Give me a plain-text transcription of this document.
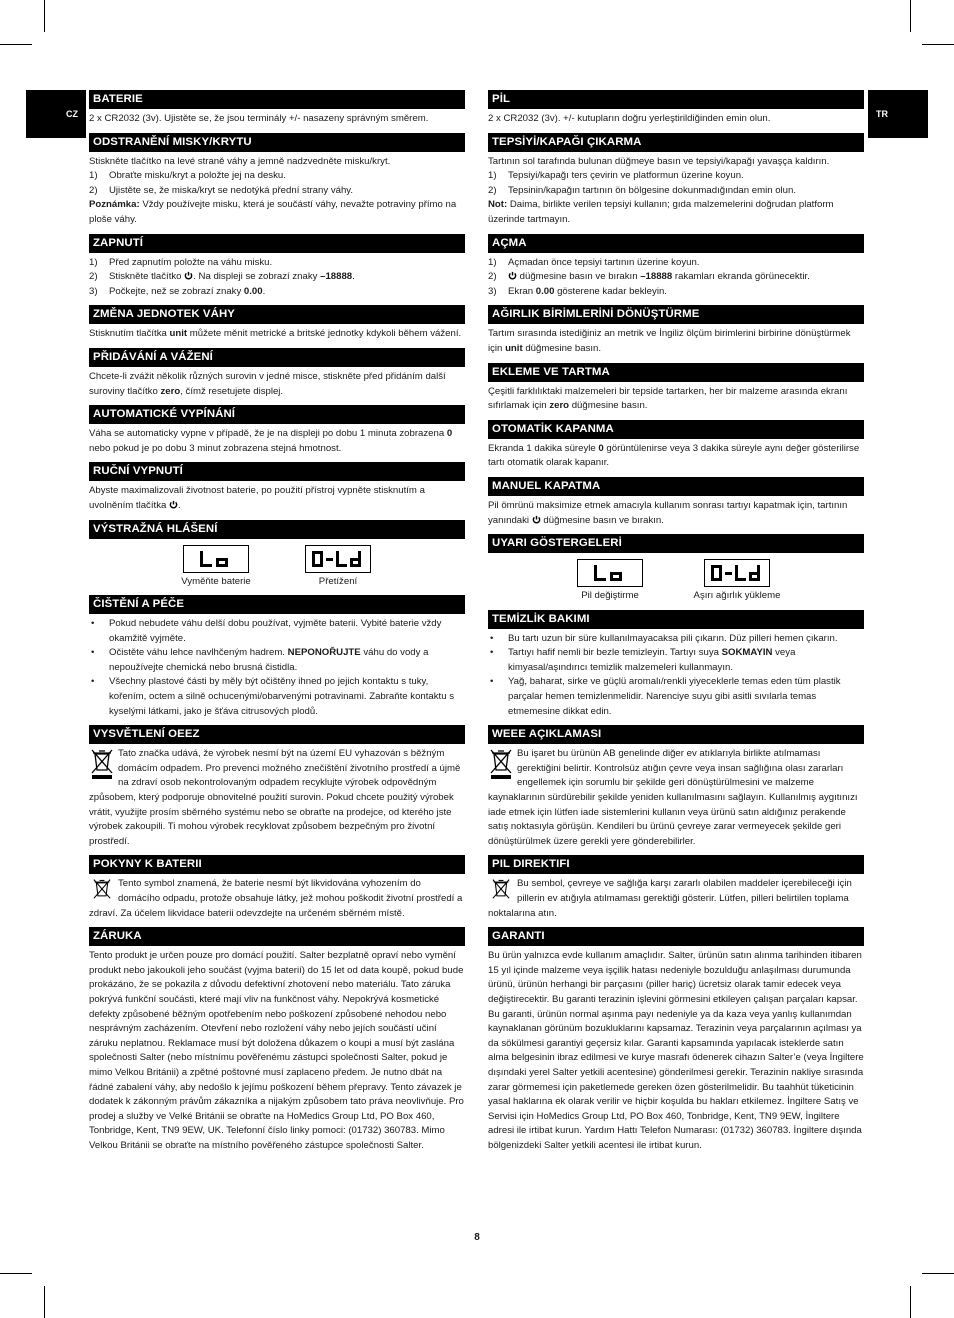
CZ	TR
BATERIE

2 x CR2032 (3v). Ujistěte se, že jsou terminály +/- nasazeny správným směrem.

ODSTRANĚNÍ MISKY/KRYTU

Stiskněte tlačítko na levé straně váhy a jemně nadzvedněte misku/kryt.

1)	Obraťte misku/kryt a položte jej na desku.
2)	Ujistěte se, že miska/kryt se nedotýká přední strany váhy.

Poznámka: Vždy používejte misku, která je součástí váhy, nevažte potraviny přímo na ploše váhy.

ZAPNUTÍ
1)	Před zapnutím položte na váhu misku.
2)	Stiskněte tlačítko . Na displeji se zobrazí znaky –18888.
3)	Počkejte, než se zobrazí znaky 0.00.
ZMĚNA JEDNOTEK VÁHY

Stisknutím tlačítka unit můžete měnit metrické a britské jednotky kdykoli během vážení.

PŘIDÁVÁNÍ A VÁŽENÍ

Chcete-li zvážit několik různých surovin v jedné misce, stiskněte před přidáním další suroviny tlačítko zero, čímž resetujete displej.

AUTOMATICKÉ VYPÍNÁNÍ

Váha se automaticky vypne v případě, že je na displeji po dobu 1 minuta zobrazena 0 nebo pokud je po dobu 3 minut zobrazena stejná hmotnost.

RUČNÍ VYPNUTÍ

Abyste maximalizovali životnost baterie, po použití přístroj vypněte stisknutím a uvolněním tlačítka .

VÝSTRAŽNÁ HLÁŠENÍ
Vyměňte baterie	Přetížení
ČIŠTĚNÍ A PÉČE
•	Pokud nebudete váhu delší dobu používat, vyjměte baterii. Vybité baterie vždy okamžitě vyjměte.
•	Očistěte váhu lehce navlhčeným hadrem. NEPONOŘUJTE váhu do vody a nepoužívejte chemická nebo brusná čistidla.
•	Všechny plastové části by měly být očištěny ihned po jejich kontaktu s tuky, kořením, octem a silně ochucenými/obarvenými potravinami. Zabraňte kontaktu s kyselými látkami, jako je šťáva citrusových plodů.
VYSVĚTLENÍ OEEZ

Tato značka udává, že výrobek nesmí být na území EU vyhazován s běžným domácím odpadem. Pro prevenci možného znečištění životního prostředí a újmě na zdraví osob nekontrolovaným odpadem recyklujte výrobek odpovědným způsobem, který podporuje obnovitelné použití surovin. Pokud chcete použitý výrobek vrátit, využijte prosím sběrného systému nebo se obraťte na prodejce, od kterého jste výrobek zakoupili. Ti mohou výrobek recyklovat způsobem bezpečným pro životní prostředí.

POKYNY K BATERII

Tento symbol znamená, že baterie nesmí být likvidována vyhozením do domácího odpadu, protože obsahuje látky, jež mohou poškodit životní prostředí a zdraví. Za účelem likvidace baterii odevzdejte na určeném sběrném místě.

ZÁRUKA

Tento produkt je určen pouze pro domácí použití. Salter bezplatně opraví nebo vymění produkt nebo jakoukoli jeho součást (vyjma baterií) do 15 let od data koupě, pokud bude prokázáno, že se pokazila z důvodu defektivní zhotovení nebo materiálu. Tato záruka pokrývá funkční součásti, které mají vliv na funkčnost váhy. Nepokrývá kosmetické defekty způsobené běžným opotřebením nebo poškození způsobené nehodou nebo nesprávným zacházením. Otevření nebo rozložení váhy nebo jejích součástí učiní záruku neplatnou. Reklamace musí být doložena důkazem o koupi a musí být zaslána společnosti Salter (nebo místnímu pověřenému zástupci společnosti Salter, pokud je mimo Velkou Británii) a zpětné poštovné musí zaplaceno předem. Je nutno dbát na řádné zabalení váhy, aby nedošlo k jejímu poškození během přepravy. Tento závazek je dodatek k zákonným právům zákazníka a nijakým způsobem tato práva neovlivňuje. Pro prodej a služby ve Velké Británii se obraťte na HoMedics Group Ltd, PO Box 460, Tonbridge, Kent, TN9 9EW, UK. Telefonní číslo linky pomoci: (01732) 360783. Mimo Velkou Británii se obraťte na místního pověřeného zástupce společnosti Salter.

PİL

2 x CR2032 (3v). +/- kutupların doğru yerleştirildiğinden emin olun.

TEPSİYİ/KAPAĞI ÇIKARMA

Tartının sol tarafında bulunan düğmeye basın ve tepsiyi/kapağı yavaşça kaldırın.

1)	Tepsiyi/kapağı ters çevirin ve platformun üzerine koyun.
2)	Tepsinin/kapağın tartının ön bölgesine dokunmadığından emin olun.

Not: Daima, birlikte verilen tepsiyi kullanın; gıda malzemelerini doğrudan platform üzerinde tartmayın.

AÇMA
1)	Açmadan önce tepsiyi tartının üzerine koyun.
2)	düğmesine basın ve bırakın –18888 rakamları ekranda görünecektir.
3)	Ekran 0.00 gösterene kadar bekleyin.
AĞIRLIK BİRİMLERİNİ DÖNÜŞTÜRME

Tartım sırasında istediğiniz an metrik ve İngiliz ölçüm birimlerini birbirine dönüştürmek için unit düğmesine basın.

EKLEME VE TARTMA

Çeşitli farklılıktaki malzemeleri bir tepside tartarken, her bir malzeme arasında ekranı sıfırlamak için zero düğmesine basın.

OTOMATİK KAPANMA

Ekranda 1 dakika süreyle 0 görüntülenirse veya 3 dakika süreyle aynı değer gösterilirse tartı otomatik olarak kapanır.

MANUEL KAPATMA

Pil ömrünü maksimize etmek amacıyla kullanım sonrası tartıyı kapatmak için, tartının yanındaki  düğmesine basın ve bırakın.

UYARI GÖSTERGELERİ
Pil değiştirme	Aşırı ağırlık yükleme
TEMİZLİK BAKIMI
•	Bu tartı uzun bir süre kullanılmayacaksa pili çıkarın. Düz pilleri hemen çıkarın.
•	Tartıyı hafif nemli bir bezle temizleyin. Tartıyı suya SOKMAYIN veya kimyasal/aşındırıcı temizlik malzemeleri kullanmayın.
•	Yağ, baharat, sirke ve güçlü aromalı/renkli yiyeceklerle temas eden tüm plastik parçalar hemen temizlenmelidir. Narenciye suyu gibi asitli sıvılarla temas etmemesine dikkat edin.
WEEE AÇIKLAMASI

Bu işaret bu ürünün AB genelinde diğer ev atıklarıyla birlikte atılmaması gerektiğini belirtir. Kontrolsüz atığın çevre veya insan sağlığına olası zararları engellemek için sorumlu bir şekilde geri dönüştürülmesini ve malzeme kaynaklarının sürdürebilir şekilde yeniden kullanılmasını sağlayın. Kullanılmış aygıtınızı iade etmek için lütfen iade sistemlerini kullanın veya ürünü satın aldığınız perakende satış noktasıyla görüşün. Kendileri bu ürünü çevreye zarar vermeyecek şekilde geri dönüştürülmek üzere gerekli yere gönderebilirler.

PIL DIREKTIFI

Bu sembol, çevreye ve sağlığa karşı zararlı olabilen maddeler içerebileceği için pillerin ev atığıyla atılmaması gerektiği gösterir. Lütfen, pilleri belirtilen toplama noktalarına atın.

GARANTI

Bu ürün yalnızca evde kullanım amaçlıdır. Salter, ürünün satın alınma tarihinden itibaren 15 yıl içinde malzeme veya işçilik hatası nedeniyle bozulduğu anlaşılması durumunda ürünü, ürünün herhangi bir parçasını (piller hariç) ücretsiz olarak tamir edecek veya değiştirecektir. Bu garanti terazinin işlevini görmesini etkileyen çalışan parçaları kapsar. Bu garanti, ürünün normal aşınma payı nedeniyle ya da kaza veya yanlış kullanımdan kaynaklanan görünüm bozukluklarını kapsamaz. Terazinin veya parçalarının açılması ya da sökülmesi garantiyi geçersiz kılar. Garanti kapsamında yapılacak isteklerde satın alma belgesinin ibraz edilmesi ve kurye masrafı ödenerek cihazın Salter’e (veya İngiltere dışındaki yerel Salter yetkili acentesine) gönderilmesi gerekir. Terazinin nakliye sırasında zarar görmemesi için paketlemede gereken özen gösterilmelidir. Bu taahhüt tüketicinin yasal haklarına ek olarak verilir ve hiçbir koşulda bu hakları etkilemez. İngiltere Satış ve Servisi için HoMedics Group Ltd, PO Box 460, Tonbridge, Kent, TN9 9EW, İngiltere adresi ile irtibat kurun. Yardım Hattı Telefon Numarası: (01732) 360783. İngiltere dışında bölgenizdeki Salter yetkili acentesi ile irtibat kurun.

8
